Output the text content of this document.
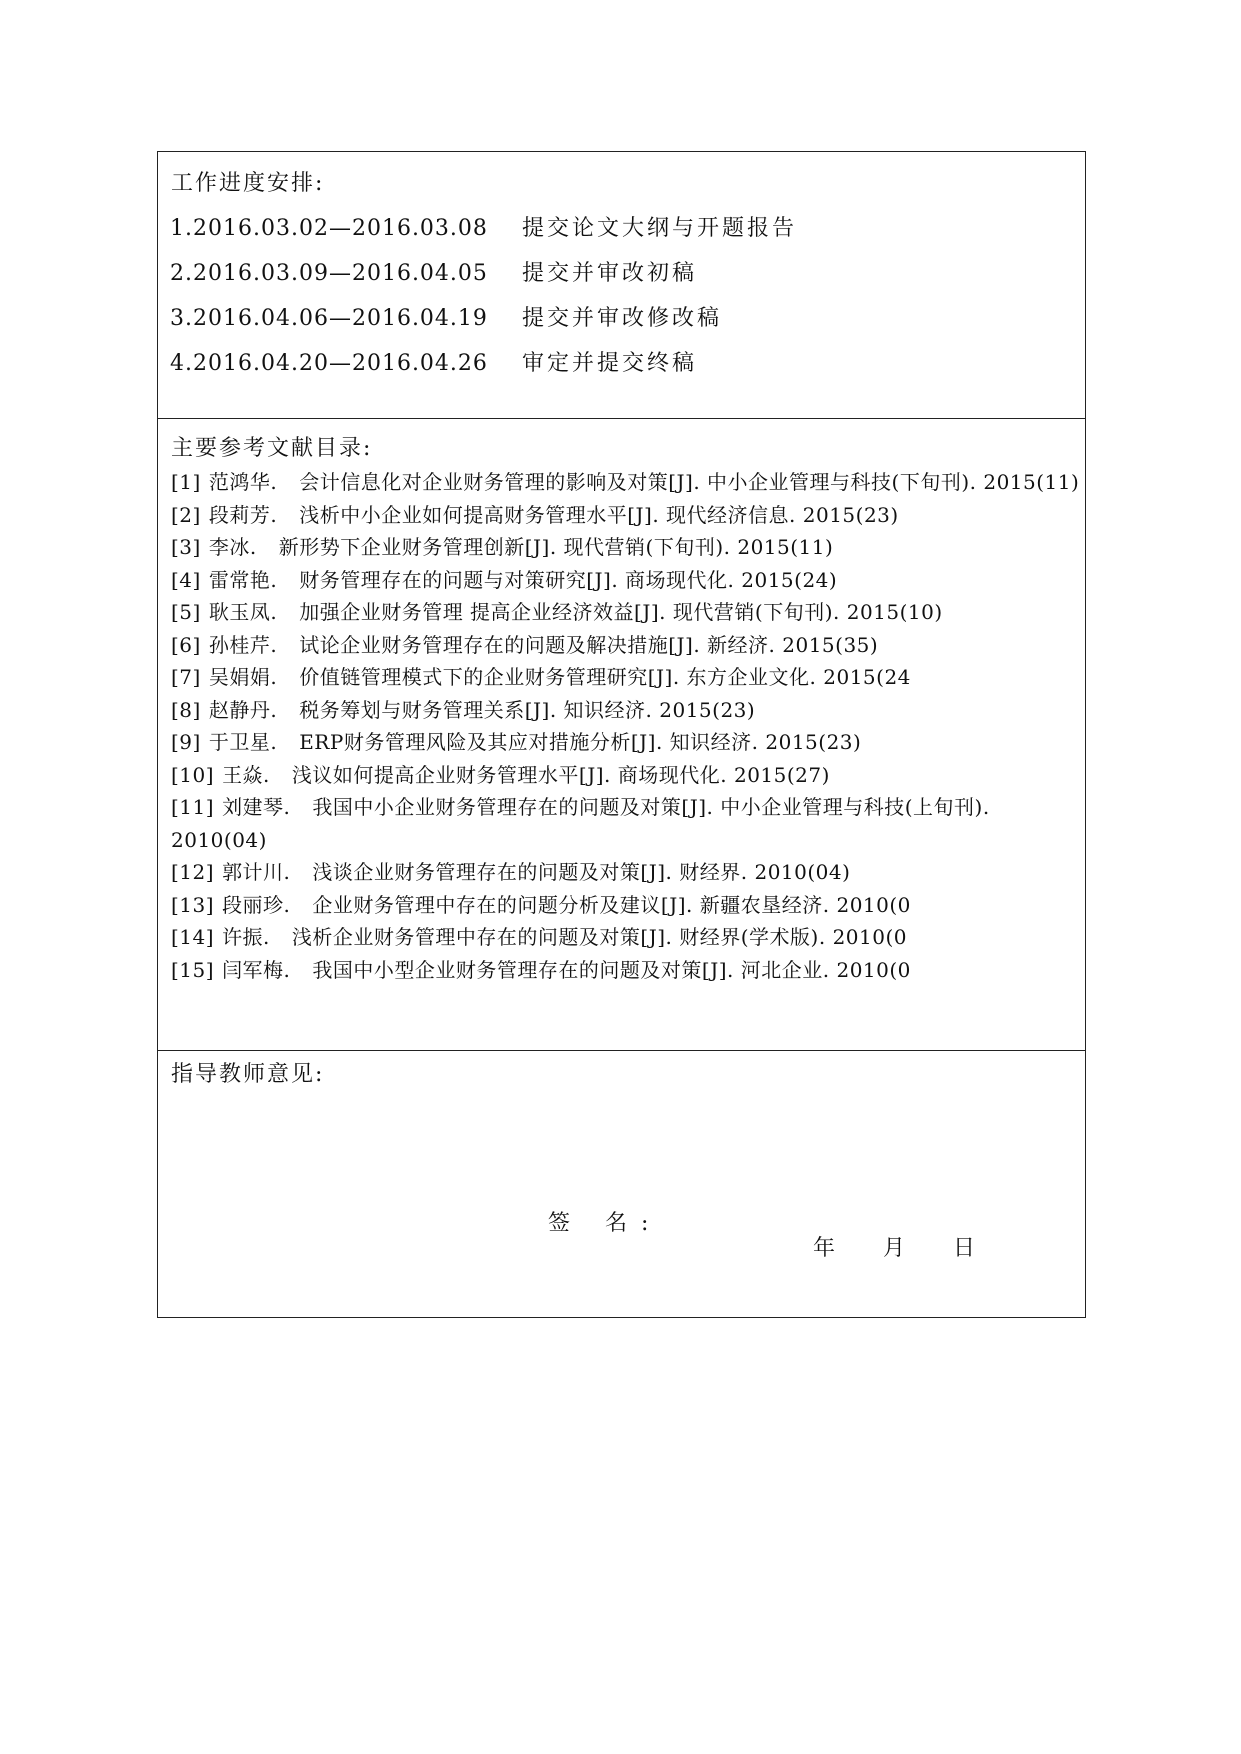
工作进度安排:
1.2016.03.02—2016.03.08 提交论文大纲与开题报告
2.2016.03.09—2016.04.05 提交并审改初稿
3.2016.04.06—2016.04.19 提交并审改修改稿
4.2016.04.20—2016.04.26 审定并提交终稿
主要参考文献目录:
[1] 范鸿华. 会计信息化对企业财务管理的影响及对策[J]. 中小企业管理与科技(下旬刊). 2015(11)
[2] 段莉芳. 浅析中小企业如何提高财务管理水平[J]. 现代经济信息. 2015(23)
[3] 李冰. 新形势下企业财务管理创新[J]. 现代营销(下旬刊). 2015(11)
[4] 雷常艳. 财务管理存在的问题与对策研究[J]. 商场现代化. 2015(24)
[5] 耿玉凤. 加强企业财务管理 提高企业经济效益[J]. 现代营销(下旬刊). 2015(10)
[6] 孙桂芹. 试论企业财务管理存在的问题及解决措施[J]. 新经济. 2015(35)
[7] 吴娟娟. 价值链管理模式下的企业财务管理研究[J]. 东方企业文化. 2015(24
[8] 赵静丹. 税务筹划与财务管理关系[J]. 知识经济. 2015(23)
[9] 于卫星. ERP财务管理风险及其应对措施分析[J]. 知识经济. 2015(23)
[10] 王焱. 浅议如何提高企业财务管理水平[J]. 商场现代化. 2015(27)
[11] 刘建琴. 我国中小企业财务管理存在的问题及对策[J]. 中小企业管理与科技(上旬刊). 2010(04)
[12] 郭计川. 浅谈企业财务管理存在的问题及对策[J]. 财经界. 2010(04)
[13] 段丽珍. 企业财务管理中存在的问题分析及建议[J]. 新疆农垦经济. 2010(0
[14] 许振. 浅析企业财务管理中存在的问题及对策[J]. 财经界(学术版). 2010(0
[15] 闫军梅. 我国中小型企业财务管理存在的问题及对策[J]. 河北企业. 2010(0
指导教师意见:
签 名:
年 月 日
